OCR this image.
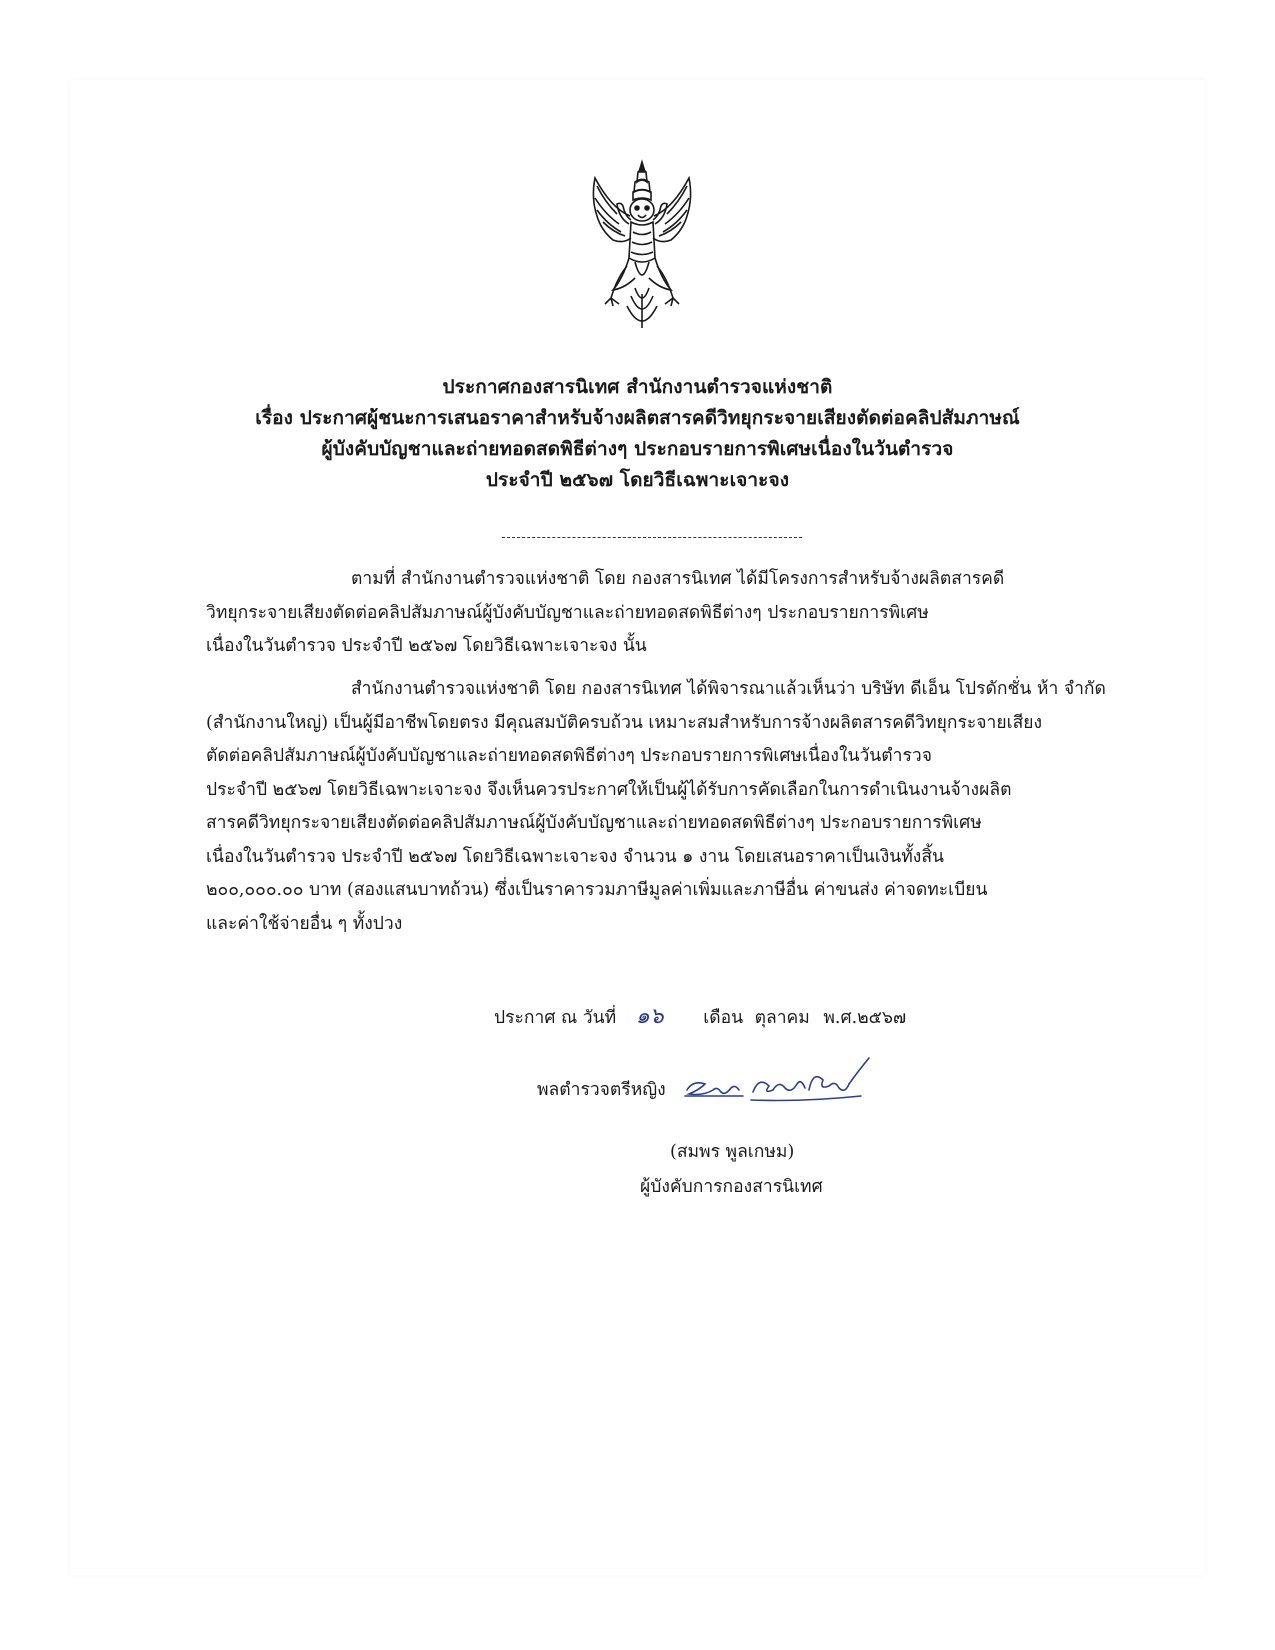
ประกาศกองสารนิเทศ สำนักงานตำรวจแห่งชาติ
เรื่อง ประกาศผู้ชนะการเสนอราคาสำหรับจ้างผลิตสารคดีวิทยุกระจายเสียงตัดต่อคลิปสัมภาษณ์
ผู้บังคับบัญชาและถ่ายทอดสดพิธีต่างๆ ประกอบรายการพิเศษเนื่องในวันตำรวจ
ประจำปี ๒๕๖๗ โดยวิธีเฉพาะเจาะจง
ตามที่ สำนักงานตำรวจแห่งชาติ โดย กองสารนิเทศ ได้มีโครงการสำหรับจ้างผลิตสารคดี
วิทยุกระจายเสียงตัดต่อคลิปสัมภาษณ์ผู้บังคับบัญชาและถ่ายทอดสดพิธีต่างๆ ประกอบรายการพิเศษ
เนื่องในวันตำรวจ ประจำปี ๒๕๖๗ โดยวิธีเฉพาะเจาะจง นั้น
สำนักงานตำรวจแห่งชาติ โดย กองสารนิเทศ ได้พิจารณาแล้วเห็นว่า บริษัท ดีเอ็น โปรดักชั่น ห้า จำกัด
(สำนักงานใหญ่) เป็นผู้มีอาชีพโดยตรง มีคุณสมบัติครบถ้วน เหมาะสมสำหรับการจ้างผลิตสารคดีวิทยุกระจายเสียง
ตัดต่อคลิปสัมภาษณ์ผู้บังคับบัญชาและถ่ายทอดสดพิธีต่างๆ ประกอบรายการพิเศษเนื่องในวันตำรวจ
ประจำปี ๒๕๖๗ โดยวิธีเฉพาะเจาะจง จึงเห็นควรประกาศให้เป็นผู้ได้รับการคัดเลือกในการดำเนินงานจ้างผลิต
สารคดีวิทยุกระจายเสียงตัดต่อคลิปสัมภาษณ์ผู้บังคับบัญชาและถ่ายทอดสดพิธีต่างๆ ประกอบรายการพิเศษ
เนื่องในวันตำรวจ ประจำปี ๒๕๖๗ โดยวิธีเฉพาะเจาะจง จำนวน ๑ งาน โดยเสนอราคาเป็นเงินทั้งสิ้น
๒๐๐,๐๐๐.๐๐ บาท (สองแสนบาทถ้วน) ซึ่งเป็นราคารวมภาษีมูลค่าเพิ่มและภาษีอื่น ค่าขนส่ง ค่าจดทะเบียน
และค่าใช้จ่ายอื่น ๆ ทั้งปวง
ประกาศ ณ วันที่ ๑๖ เดือน ตุลาคม พ.ศ.๒๕๖๗
พลตำรวจตรีหญิง
(สมพร พูลเกษม)
ผู้บังคับการกองสารนิเทศ
